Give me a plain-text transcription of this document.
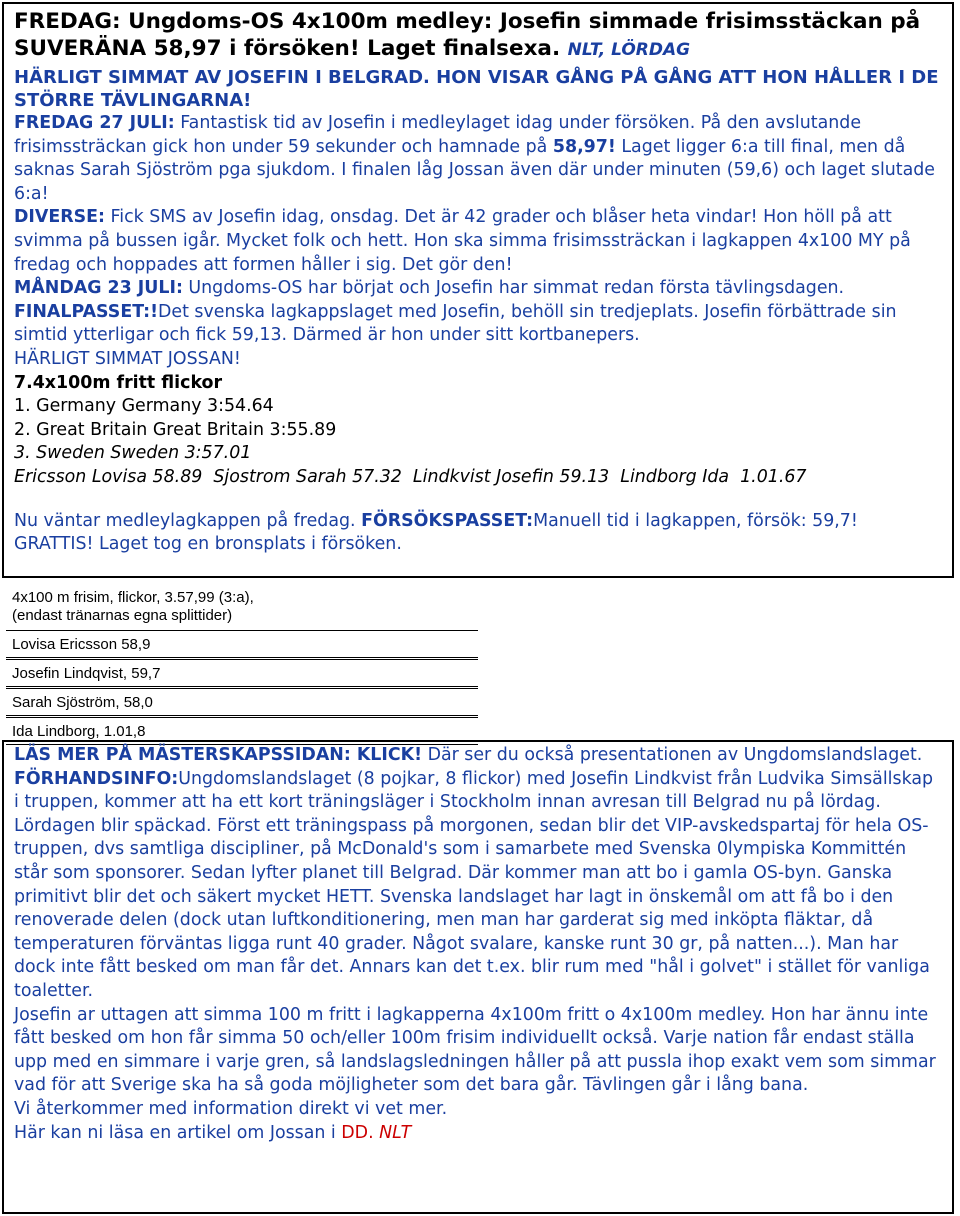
FREDAG: Ungdoms-OS 4x100m medley: Josefin simmade frisimsstäckan på SUVERÄNA 58,97 i försöken! Laget finalsexa. NLT, LÖRDAG

HÄRLIGT SIMMAT AV JOSEFIN I BELGRAD. HON VISAR GÅNG PÅ GÅNG ATT HON HÅLLER I DE STÖRRE TÄVLINGARNA!

FREDAG 27 JULI: Fantastisk tid av Josefin i medleylaget idag under försöken. På den avslutande frisimssträckan gick hon under 59 sekunder och hamnade på 58,97! Laget ligger 6:a till final, men då saknas Sarah Sjöström pga sjukdom. I finalen låg Jossan även där under minuten (59,6) och laget slutade 6:a!

DIVERSE: Fick SMS av Josefin idag, onsdag. Det är 42 grader och blåser heta vindar! Hon höll på att svimma på bussen igår. Mycket folk och hett. Hon ska simma frisimssträckan i lagkappen 4x100 MY på fredag och hoppades att formen håller i sig. Det gör den!

MÅNDAG 23 JULI: Ungdoms-OS har börjat och Josefin har simmat redan första tävlingsdagen. FINALPASSET:!Det svenska lagkappslaget med Josefin, behöll sin tredjeplats. Josefin förbättrade sin simtid ytterligar och fick 59,13. Därmed är hon under sitt kortbanepers.

HÄRLIGT SIMMAT JOSSAN!

7.4x100m fritt flickor

1. Germany Germany 3:54.64

2. Great Britain Great Britain 3:55.89

3. Sweden Sweden 3:57.01

Ericsson Lovisa 58.89  Sjostrom Sarah 57.32  Lindkvist Josefin 59.13  Lindborg Ida  1.01.67

Nu väntar medleylagkappen på fredag. FÖRSÖKSPASSET:Manuell tid i lagkappen, försök: 59,7! GRATTIS! Laget tog en bronsplats i försöken.

4x100 m frisim, flickor, 3.57,99 (3:a),
(endast tränarnas egna splittider)
Lovisa Ericsson 58,9
Josefin Lindqvist, 59,7
Sarah Sjöström, 58,0
Ida Lindborg, 1.01,8

LÄS MER PÅ MÄSTERSKAPSSIDAN: KLICK! Där ser du också presentationen av Ungdomslandslaget.

FÖRHANDSINFO:Ungdomslandslaget (8 pojkar, 8 flickor) med Josefin Lindkvist från Ludvika Simsällskap i truppen, kommer att ha ett kort träningsläger i Stockholm innan avresan till Belgrad nu på lördag. Lördagen blir späckad. Först ett träningspass på morgonen, sedan blir det VIP-avskedspartaj för hela OS-truppen, dvs samtliga discipliner, på McDonald's som i samarbete med Svenska 0lympiska Kommittén står som sponsorer. Sedan lyfter planet till Belgrad. Där kommer man att bo i gamla OS-byn. Ganska primitivt blir det och säkert mycket HETT. Svenska landslaget har lagt in önskemål om att få bo i den renoverade delen (dock utan luftkonditionering, men man har garderat sig med inköpta fläktar, då temperaturen förväntas ligga runt 40 grader. Något svalare, kanske runt 30 gr, på natten...). Man har dock inte fått besked om man får det. Annars kan det t.ex. blir rum med "hål i golvet" i stället för vanliga toaletter.

Josefin ar uttagen att simma 100 m fritt i lagkapperna 4x100m fritt o 4x100m medley. Hon har ännu inte fått besked om hon får simma 50 och/eller 100m frisim individuellt också. Varje nation får endast ställa upp med en simmare i varje gren, så landslagsledningen håller på att pussla ihop exakt vem som simmar vad för att Sverige ska ha så goda möjligheter som det bara går. Tävlingen går i lång bana.

Vi återkommer med information direkt vi vet mer.

Här kan ni läsa en artikel om Jossan i DD. NLT
